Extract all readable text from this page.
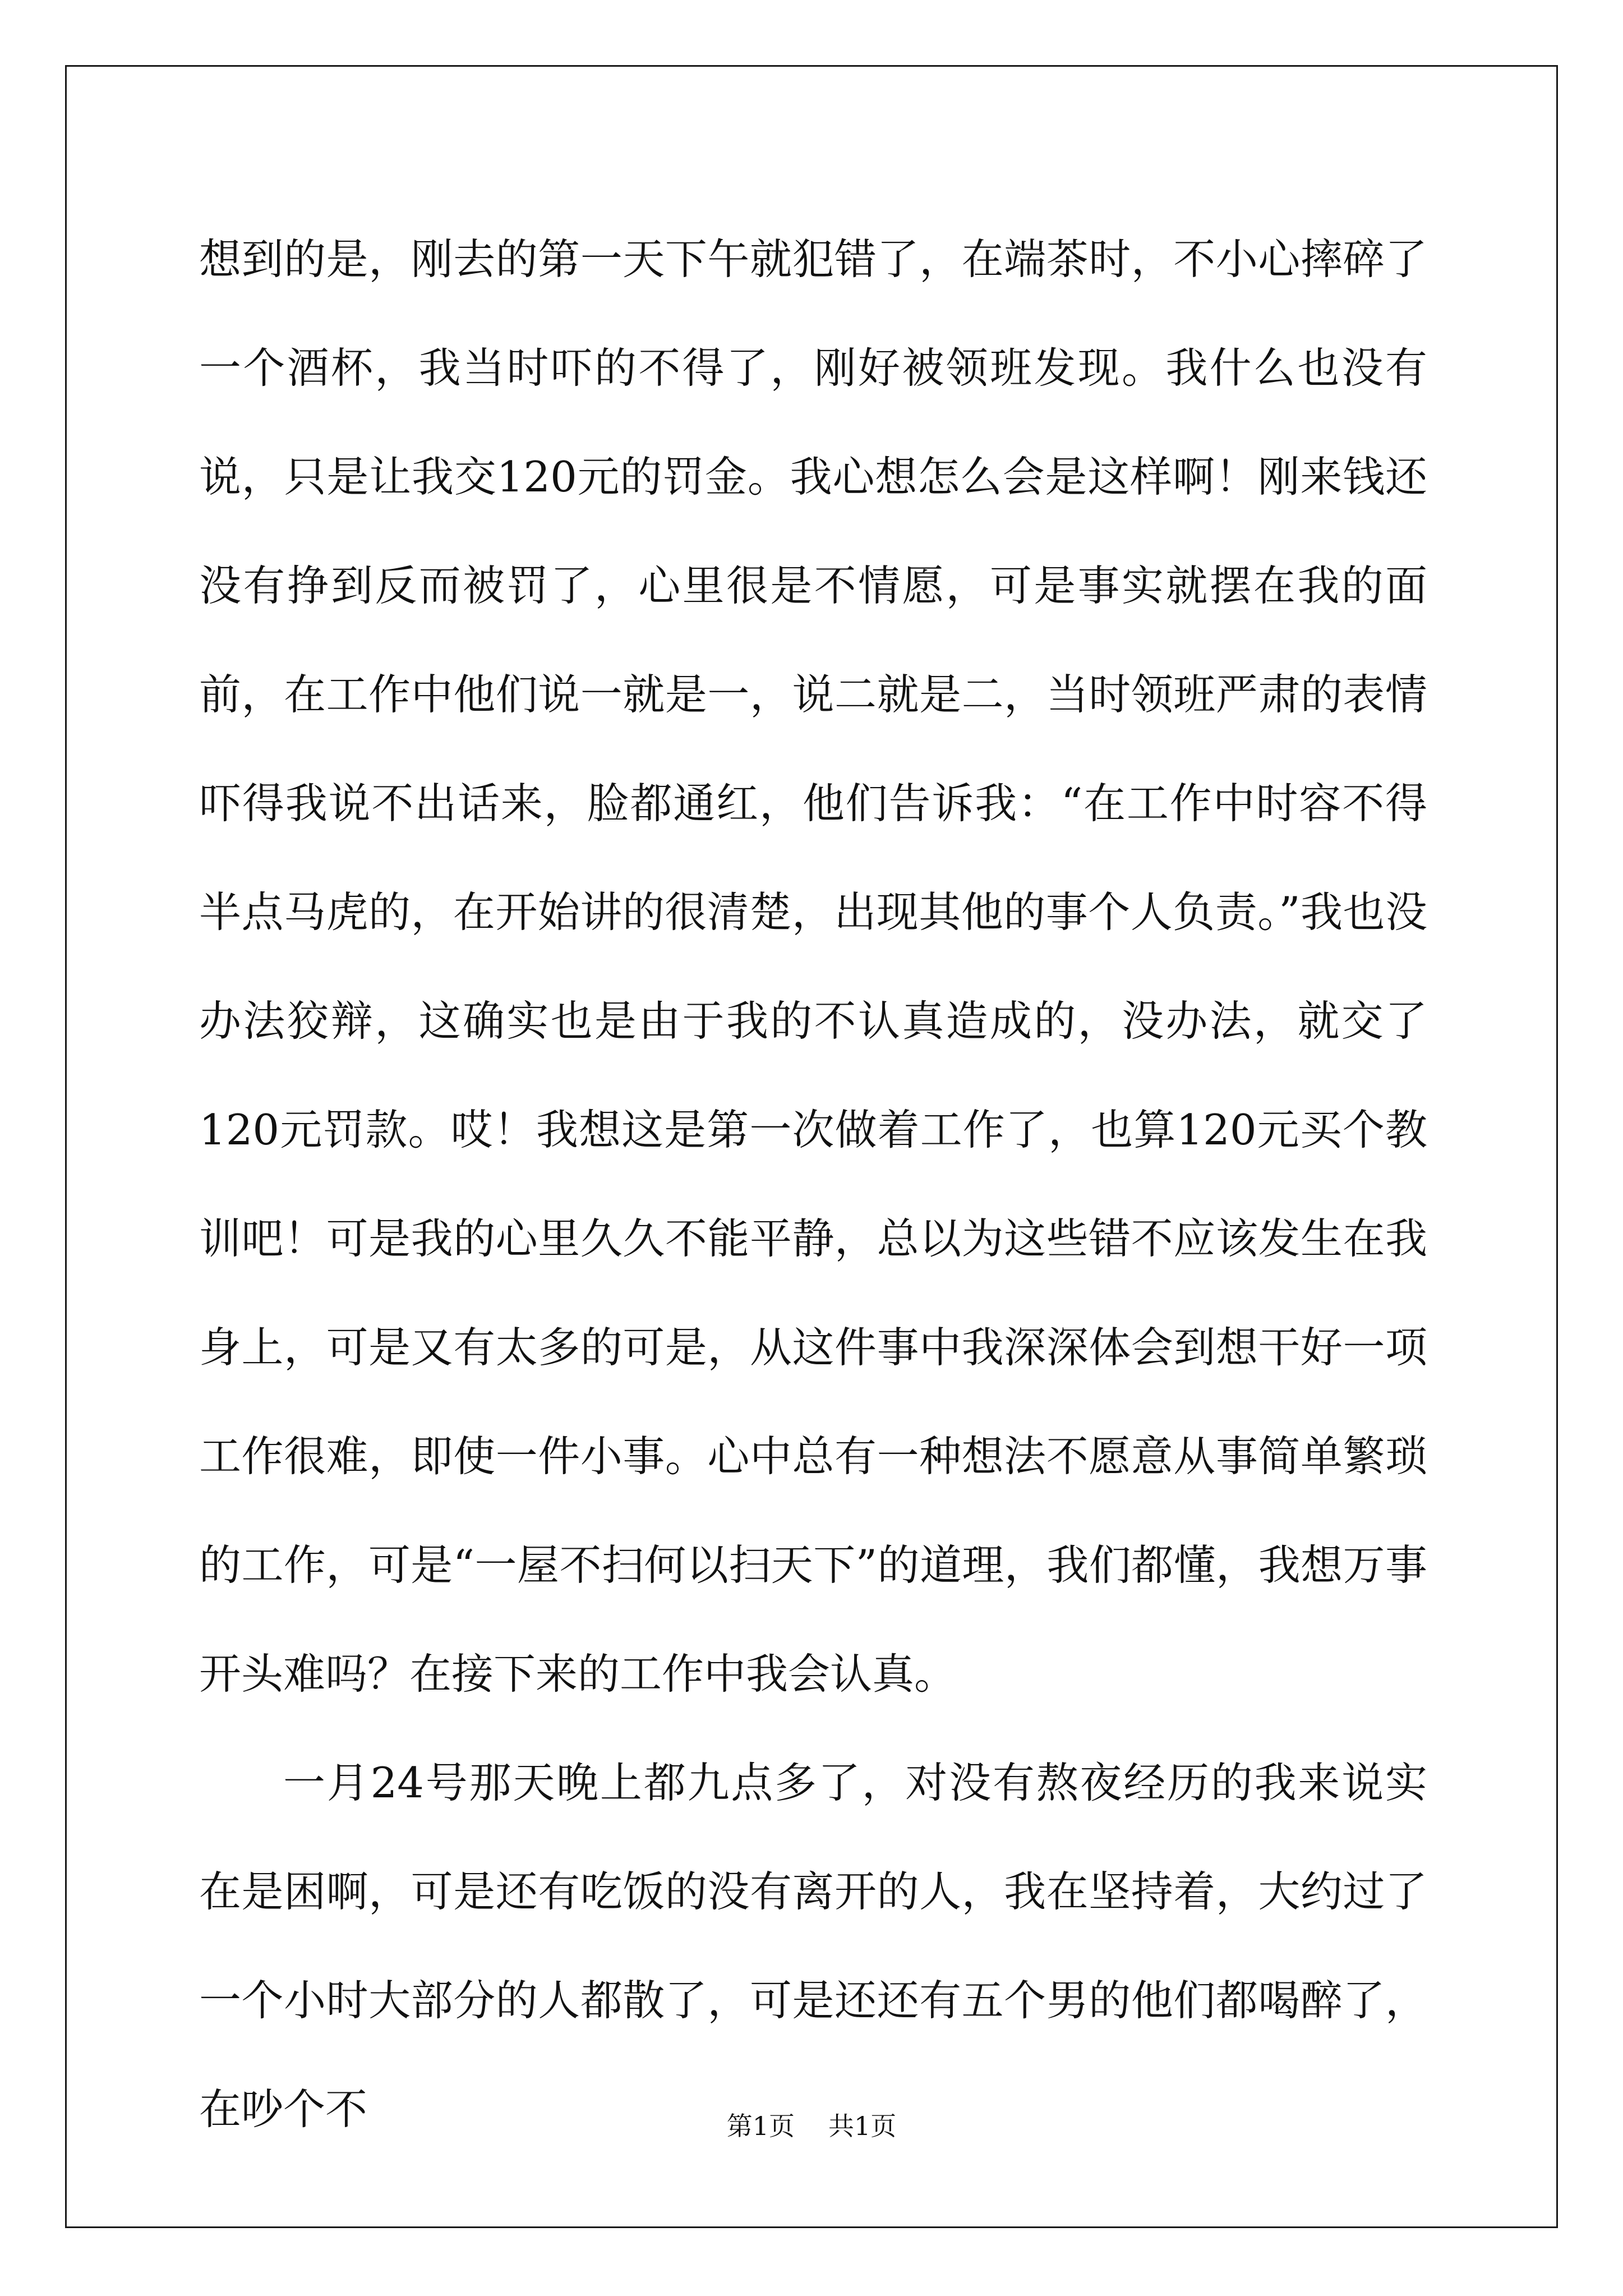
想到的是，刚去的第一天下午就犯错了，在端茶时，不小心摔碎了一个酒杯，我当时吓的不得了，刚好被领班发现。我什么也没有说，只是让我交120元的罚金。我心想怎么会是这样啊！刚来钱还没有挣到反而被罚了，心里很是不情愿，可是事实就摆在我的面前，在工作中他们说一就是一，说二就是二，当时领班严肃的表情吓得我说不出话来，脸都通红，他们告诉我：“在工作中时容不得半点马虎的，在开始讲的很清楚，出现其他的事个人负责。”我也没办法狡辩，这确实也是由于我的不认真造成的，没办法，就交了120元罚款。哎！我想这是第一次做着工作了，也算120元买个教训吧！可是我的心里久久不能平静，总以为这些错不应该发生在我身上，可是又有太多的可是，从这件事中我深深体会到想干好一项工作很难，即使一件小事。心中总有一种想法不愿意从事简单繁琐的工作，可是“一屋不扫何以扫天下”的道理，我们都懂，我想万事开头难吗？在接下来的工作中我会认真。

一月24号那天晚上都九点多了，对没有熬夜经历的我来说实在是困啊，可是还有吃饭的没有离开的人，我在坚持着，大约过了一个小时大部分的人都散了，可是还还有五个男的他们都喝醉了，在吵个不	第1页 共1页
